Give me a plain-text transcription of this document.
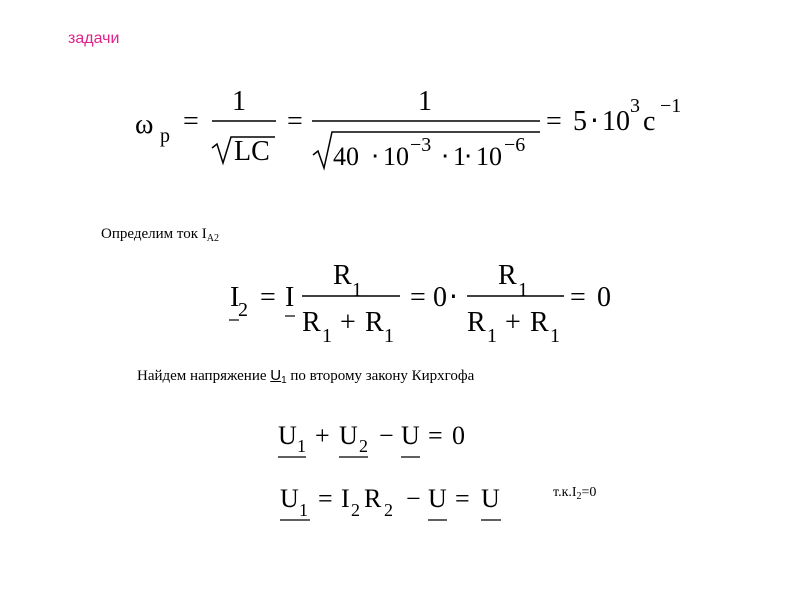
задачи
ω p =
1
LC
=
1
40 ⋅ 10 −3 ⋅ 1
⋅ 10 −6
= 5 ⋅ 10 3 c −1
Определим ток $I_{A2}$
I
2 = I
R 1
R 1 + R 1
= 0 ⋅
R 1
R 1 + R 1
= 0
Найдем напряжение $U_1$ по второму закону Кирхгофа
U 1 + U 2 − U = 0
U 1 = I 2 R 2 − U = U	$т.к.I_2=0$
